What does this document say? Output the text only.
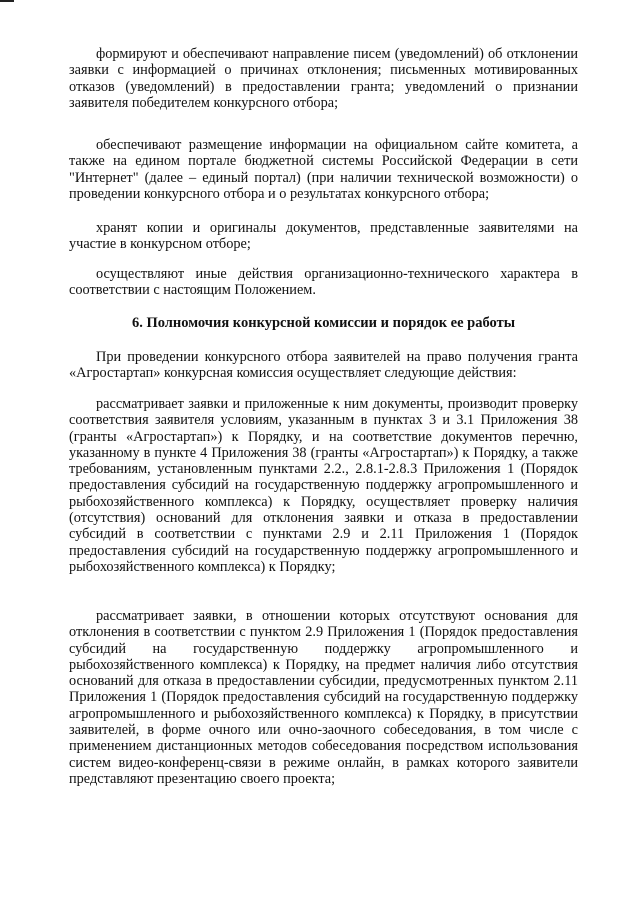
формируют и обеспечивают направление писем (уведомлений) об отклонении заявки с информацией о причинах отклонения; письменных мотивированных отказов (уведомлений) в предоставлении гранта; уведомлений о признании заявителя победителем конкурсного отбора;

обеспечивают размещение информации на официальном сайте комитета, а также на едином портале бюджетной системы Российской Федерации в сети "Интернет" (далее – единый портал) (при наличии технической возможности) о проведении конкурсного отбора и о результатах конкурсного отбора;

хранят копии и оригиналы документов, представленные заявителями на участие в конкурсном отборе;

осуществляют иные действия организационно-технического характера в соответствии с настоящим Положением.

6. Полномочия конкурсной комиссии и порядок ее работы

При проведении конкурсного отбора заявителей на право получения гранта «Агростартап» конкурсная комиссия осуществляет следующие действия:

рассматривает заявки и приложенные к ним документы, производит проверку соответствия заявителя условиям, указанным в пунктах 3 и 3.1 Приложения 38 (гранты «Агростартап») к Порядку, и на соответствие документов перечню, указанному в пункте 4 Приложения 38 (гранты «Агростартап») к Порядку, а также требованиям, установленным пунктами 2.2., 2.8.1-2.8.3 Приложения 1 (Порядок предоставления субсидий на государственную поддержку агропромышленного и рыбохозяйственного комплекса) к Порядку, осуществляет проверку наличия (отсутствия) оснований для отклонения заявки и отказа в предоставлении субсидий в соответствии с пунктами 2.9 и 2.11 Приложения 1 (Порядок предоставления субсидий на государственную поддержку агропромышленного и рыбохозяйственного комплекса) к Порядку;

рассматривает заявки, в отношении которых отсутствуют основания для отклонения в соответствии с пунктом 2.9 Приложения 1 (Порядок предоставления субсидий на государственную поддержку агропромышленного и рыбохозяйственного комплекса) к Порядку, на предмет наличия либо отсутствия оснований для отказа в предоставлении субсидии, предусмотренных пунктом 2.11 Приложения 1 (Порядок предоставления субсидий на государственную поддержку агропромышленного и рыбохозяйственного комплекса) к Порядку, в присутствии заявителей, в форме очного или очно-заочного собеседования, в том числе с применением дистанционных методов собеседования посредством использования систем видео-конференц-связи в режиме онлайн, в рамках которого заявители представляют презентацию своего проекта;
